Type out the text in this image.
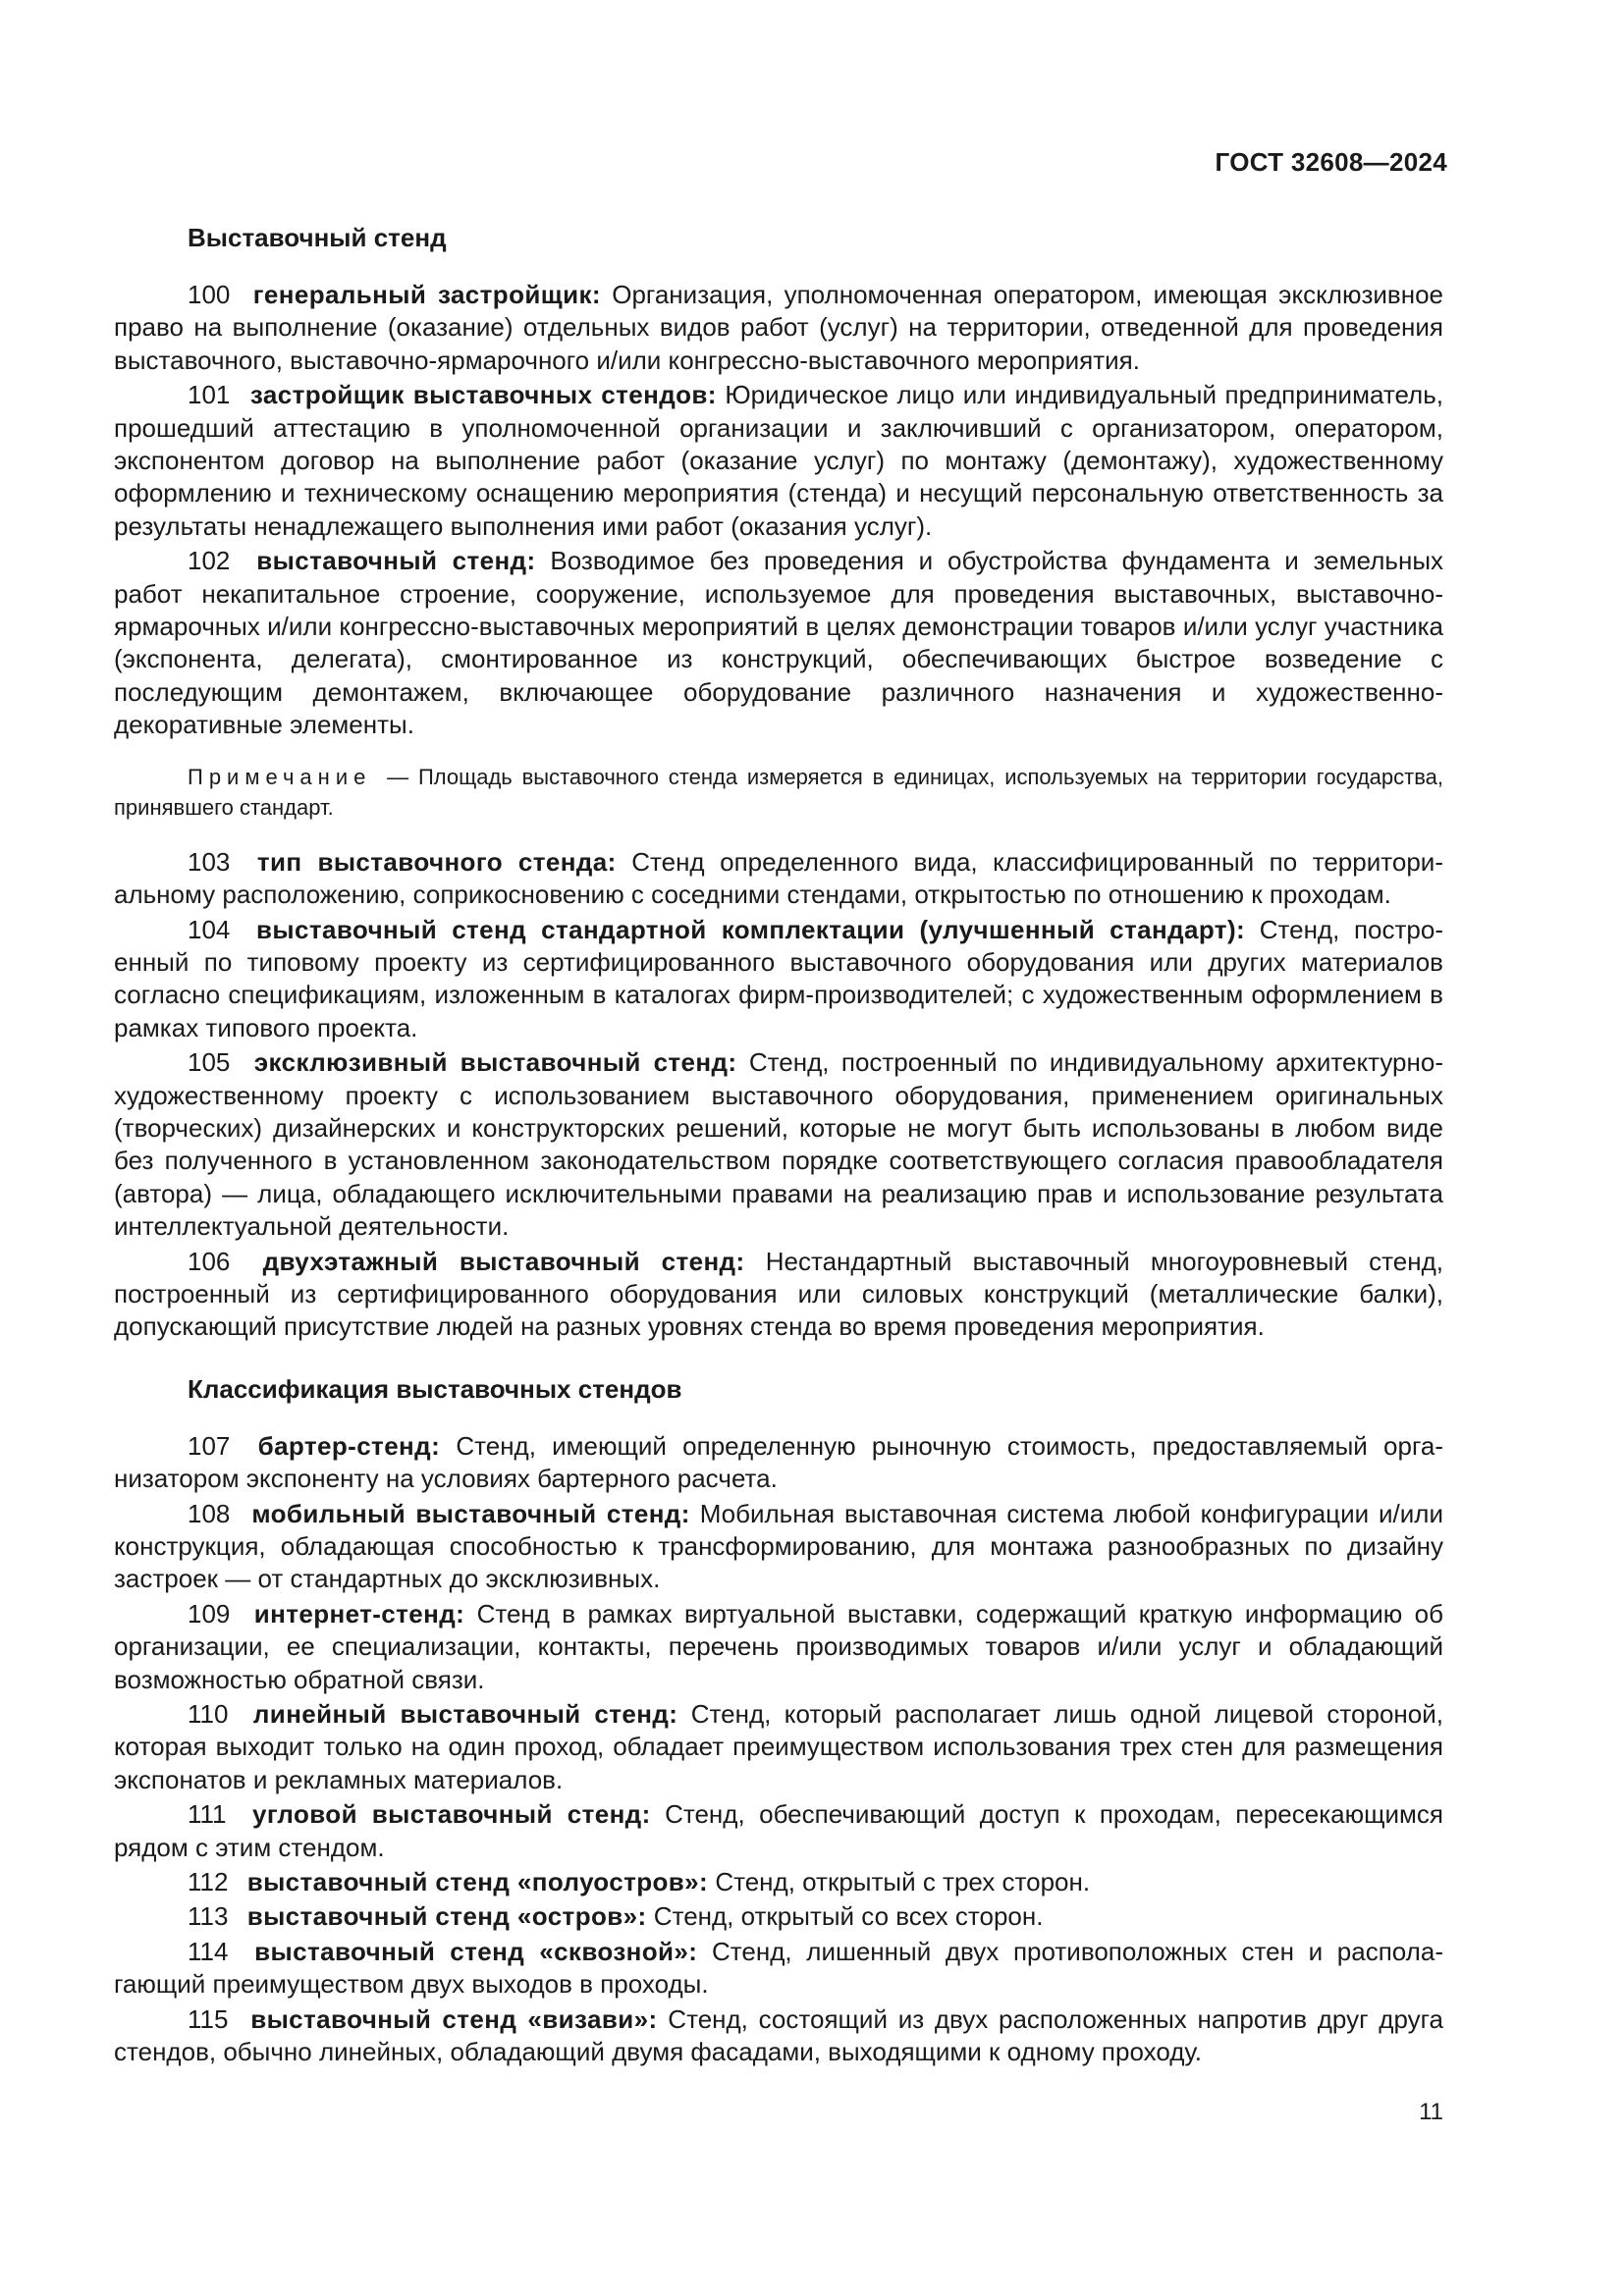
ГОСТ 32608—2024
Выставочный стенд

100 генеральный застройщик: Организация, уполномоченная оператором, имеющая эксклюзивное право на выполнение (оказание) отдельных видов работ (услуг) на территории, отведенной для проведения выставочного, выставочно-ярмарочного и/или конгрессно-выставочного мероприятия.

101 застройщик выставочных стендов: Юридическое лицо или индивидуальный предприниматель, прошедший аттестацию в уполномоченной организации и заключивший с организатором, оператором, экспонентом договор на выполнение работ (оказание услуг) по монтажу (демонтажу), художественному оформлению и техническому оснащению мероприятия (стенда) и несущий персональную ответственность за результаты ненадлежащего выполнения ими работ (оказания услуг).

102 выставочный стенд: Возводимое без проведения и обустройства фундамента и земельных работ некапитальное строение, сооружение, используемое для проведения выставочных, выставочно-ярмарочных и/или конгрессно-выставочных мероприятий в целях демонстрации товаров и/или услуг участника (экспонента, делегата), смонтированное из конструкций, обеспечивающих быстрое возведение с последующим демонтажем, включающее оборудование различного назначения и художественно-декоративные элементы.

Примечание — Площадь выставочного стенда измеряется в единицах, используемых на территории государства, принявшего стандарт.

103 тип выставочного стенда: Стенд определенного вида, классифицированный по территориальному расположению, соприкосновению с соседними стендами, открытостью по отношению к проходам.

104 выставочный стенд стандартной комплектации (улучшенный стандарт): Стенд, построенный по типовому проекту из сертифицированного выставочного оборудования или других материалов согласно спецификациям, изложенным в каталогах фирм-производителей; с художественным оформлением в рамках типового проекта.

105 эксклюзивный выставочный стенд: Стенд, построенный по индивидуальному архитектурно-художественному проекту с использованием выставочного оборудования, применением оригинальных (творческих) дизайнерских и конструкторских решений, которые не могут быть использованы в любом виде без полученного в установленном законодательством порядке соответствующего согласия правообладателя (автора) — лица, обладающего исключительными правами на реализацию прав и использование результата интеллектуальной деятельности.

106 двухэтажный выставочный стенд: Нестандартный выставочный многоуровневый стенд, построенный из сертифицированного оборудования или силовых конструкций (металлические балки), допускающий присутствие людей на разных уровнях стенда во время проведения мероприятия.

Классификация выставочных стендов

107 бартер-стенд: Стенд, имеющий определенную рыночную стоимость, предоставляемый организатором экспоненту на условиях бартерного расчета.

108 мобильный выставочный стенд: Мобильная выставочная система любой конфигурации и/или конструкция, обладающая способностью к трансформированию, для монтажа разнообразных по дизайну застроек — от стандартных до эксклюзивных.

109 интернет-стенд: Стенд в рамках виртуальной выставки, содержащий краткую информацию об организации, ее специализации, контакты, перечень производимых товаров и/или услуг и обладающий возможностью обратной связи.

110 линейный выставочный стенд: Стенд, который располагает лишь одной лицевой стороной, которая выходит только на один проход, обладает преимуществом использования трех стен для размещения экспонатов и рекламных материалов.

111 угловой выставочный стенд: Стенд, обеспечивающий доступ к проходам, пересекающимся рядом с этим стендом.

112 выставочный стенд «полуостров»: Стенд, открытый с трех сторон.

113 выставочный стенд «остров»: Стенд, открытый со всех сторон.

114 выставочный стенд «сквозной»: Стенд, лишенный двух противоположных стен и располагающий преимуществом двух выходов в проходы.

115 выставочный стенд «визави»: Стенд, состоящий из двух расположенных напротив друг друга стендов, обычно линейных, обладающий двумя фасадами, выходящими к одному проходу.

11
